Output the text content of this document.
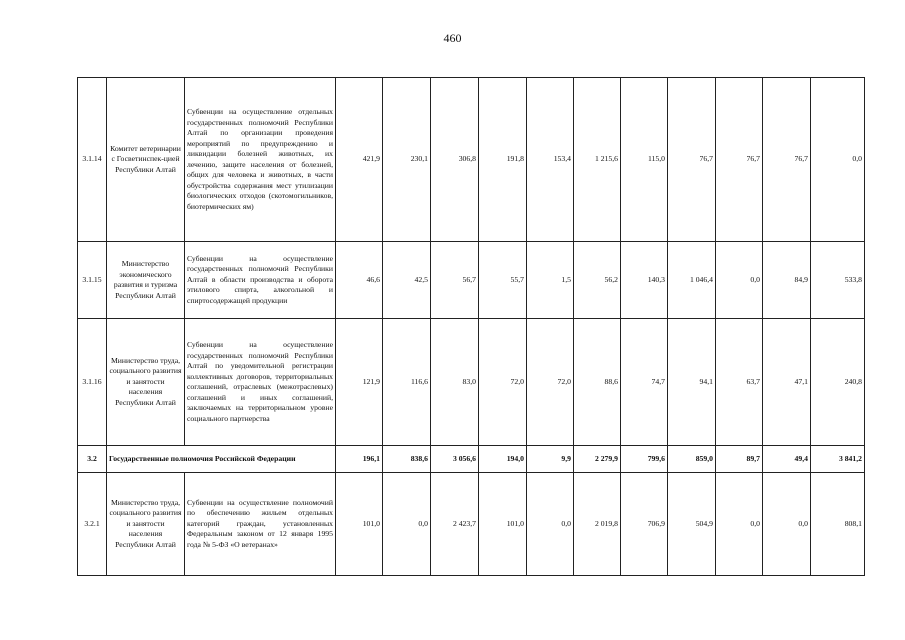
460
3.1.14	Комитет ветеринарии с Госветинспек-цией Республики Алтай	Субвенции на осуществление отдельных государственных полномочий Республики Алтай по организации проведения мероприятий по предупреждению и ликвидации болезней животных, их лечению, защите населения от болезней, общих для человека и животных, в части обустройства содержания мест утилизации биологических отходов (скотомогильников, биотермических ям)	421,9	230,1	306,8	191,8	153,4	1 215,6	115,0	76,7	76,7	76,7	0,0
3.1.15	Министерство экономического развития и туризма Республики Алтай	Субвенции на осуществление государственных полномочий Республики Алтай в области производства и оборота этилового спирта, алкогольной и спиртосодержащей продукции	46,6	42,5	56,7	55,7	1,5	56,2	140,3	1 046,4	0,0	84,9	533,8
3.1.16	Министерство труда, социального развития и занятости населения Республики Алтай	Субвенции на осуществление государственных полномочий Республики Алтай по уведомительной регистрации коллективных договоров, территориальных соглашений, отраслевых (межотраслевых) соглашений и иных соглашений, заключаемых на территориальном уровне социального партнерства	121,9	116,6	83,0	72,0	72,0	88,6	74,7	94,1	63,7	47,1	240,8
3.2	Государственные полномочия Российской Федерации		196,1	838,6	3 056,6	194,0	9,9	2 279,9	799,6	859,0	89,7	49,4	3 841,2
3.2.1	Министерство труда, социального развития и занятости населения Республики Алтай	Субвенции на осуществление полномочий по обеспечению жильем отдельных категорий граждан, установленных Федеральным законом от 12 января 1995 года № 5-ФЗ «О ветеранах»	101,0	0,0	2 423,7	101,0	0,0	2 019,8	706,9	504,9	0,0	0,0	808,1
